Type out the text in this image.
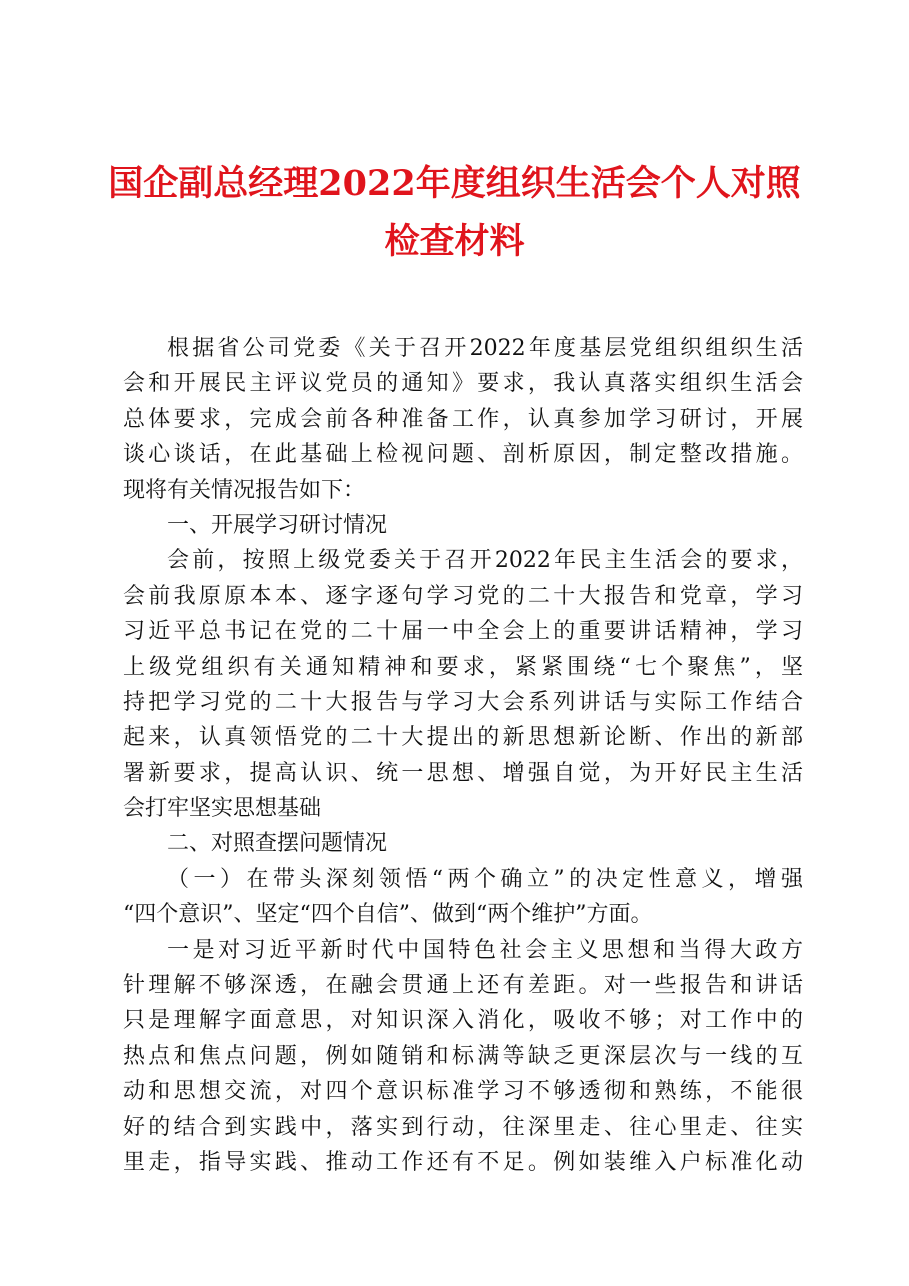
国企副总经理2022年度组织生活会个人对照
检查材料
根据省公司党委《关于召开2022年度基层党组织组织生活
会和开展民主评议党员的通知》要求，我认真落实组织生活会
总体要求，完成会前各种准备工作，认真参加学习研讨，开展
谈心谈话，在此基础上检视问题、剖析原因，制定整改措施。
现将有关情况报告如下：
一、开展学习研讨情况
会前，按照上级党委关于召开2022年民主生活会的要求，
会前我原原本本、逐字逐句学习党的二十大报告和党章，学习
习近平总书记在党的二十届一中全会上的重要讲话精神，学习
上级党组织有关通知精神和要求，紧紧围绕“七个聚焦”，坚
持把学习党的二十大报告与学习大会系列讲话与实际工作结合
起来，认真领悟党的二十大提出的新思想新论断、作出的新部
署新要求，提高认识、统一思想、增强自觉，为开好民主生活
会打牢坚实思想基础
二、对照查摆问题情况
（一）在带头深刻领悟“两个确立”的决定性意义，增强
“四个意识”、坚定“四个自信”、做到“两个维护”方面。
一是对习近平新时代中国特色社会主义思想和当得大政方
针理解不够深透，在融会贯通上还有差距。对一些报告和讲话
只是理解字面意思，对知识深入消化，吸收不够；对工作中的
热点和焦点问题，例如随销和标满等缺乏更深层次与一线的互
动和思想交流，对四个意识标准学习不够透彻和熟练，不能很
好的结合到实践中，落实到行动，往深里走、往心里走、往实
里走，指导实践、推动工作还有不足。例如装维入户标准化动
